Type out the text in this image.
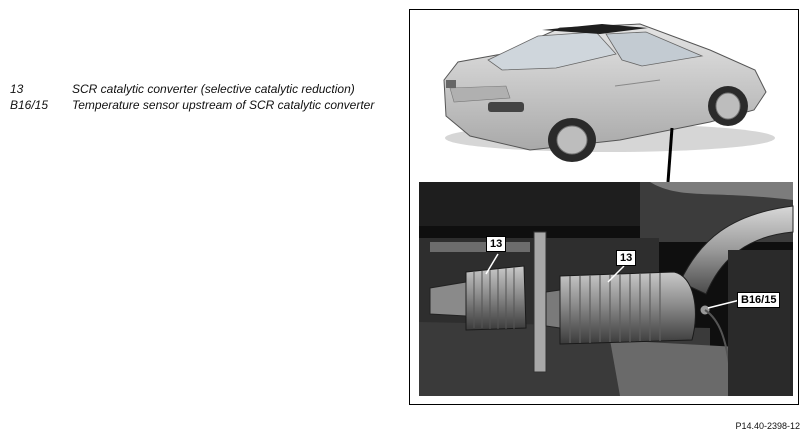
13	SCR catalytic converter (selective catalytic reduction)
B16/15	Temperature sensor upstream of SCR catalytic converter
13
13
B16/15
P14.40-2398-12
